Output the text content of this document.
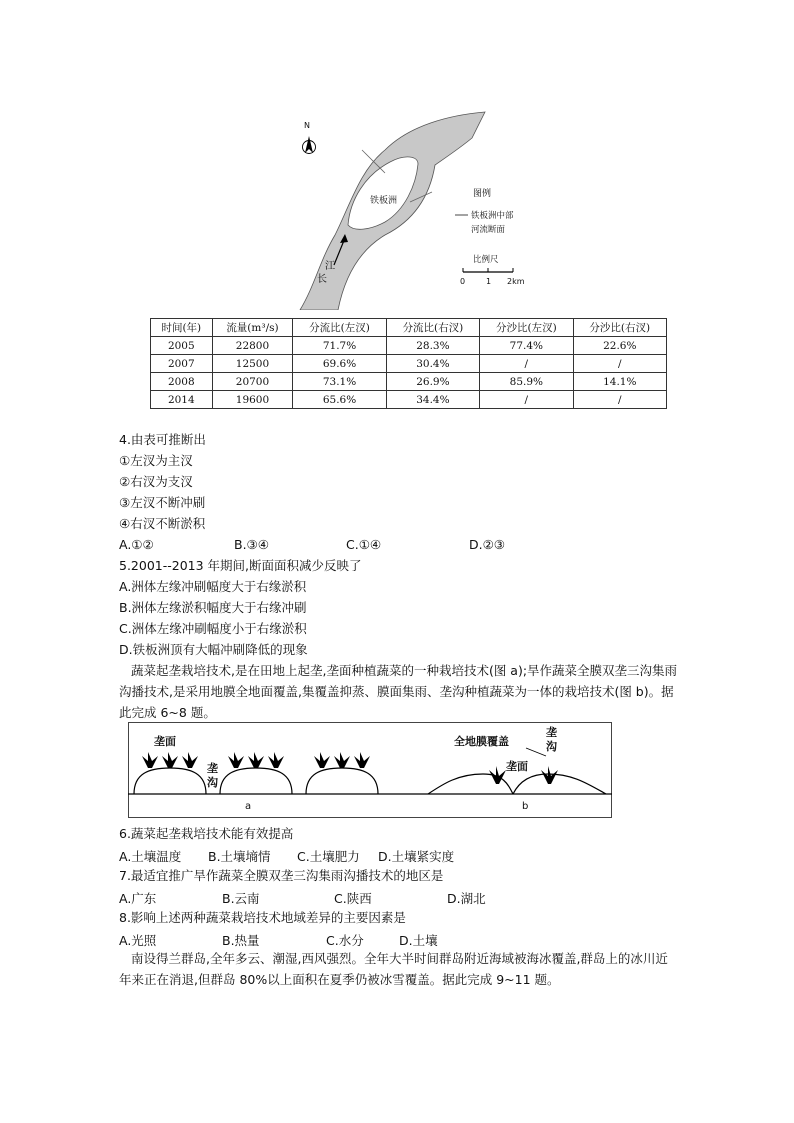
N
铁板洲
江
长
图例
铁板洲中部
河流断面
比例尺
0	1 2km
时间(年)	流量(m³/s)	分流比(左汊)	分流比(右汊)	分沙比(左汊)	分沙比(右汊)
2005	22800	71.7%	28.3%	77.4%	22.6%
2007	12500	69.6%	30.4%	/	/
2008	20700	73.1%	26.9%	85.9%	14.1%
2014	19600	65.6%	34.4%	/	/
4.由表可推断出
①左汊为主汊
②右汊为支汊
③左汊不断冲刷
④右汊不断淤积
A.①②	B.③④	C.①④	D.②③
5.2001--2013 年期间,断面面积减少反映了
A.洲体左缘冲刷幅度大于右缘淤积
B.洲体左缘淤积幅度大于右缘冲刷
C.洲体左缘冲刷幅度小于右缘淤积
D.铁板洲顶有大幅冲刷降低的现象
蔬菜起垄栽培技术,是在田地上起垄,垄面种植蔬菜的一种栽培技术(图 a);旱作蔬菜全膜双垄三沟集雨沟播技术,是采用地膜全地面覆盖,集覆盖抑蒸、膜面集雨、垄沟种植蔬菜为一体的栽培技术(图 b)。据此完成 6~8 题。
垄面
垄
沟
全地膜覆盖
垄面
垄
沟
a	b
6.蔬菜起垄栽培技术能有效提高
A.土壤温度 B.土壤墒情 C.土壤肥力 D.土壤紧实度
7.最适宜推广旱作蔬菜全膜双垄三沟集雨沟播技术的地区是
A.广东	B.云南	C.陕西	D.湖北
8.影响上述两种蔬菜栽培技术地域差异的主要因素是
A.光照	B.热量	C.水分	D.土壤
南设得兰群岛,全年多云、潮湿,西风强烈。全年大半时间群岛附近海域被海冰覆盖,群岛上的冰川近年来正在消退,但群岛 80%以上面积在夏季仍被冰雪覆盖。据此完成 9~11 题。
